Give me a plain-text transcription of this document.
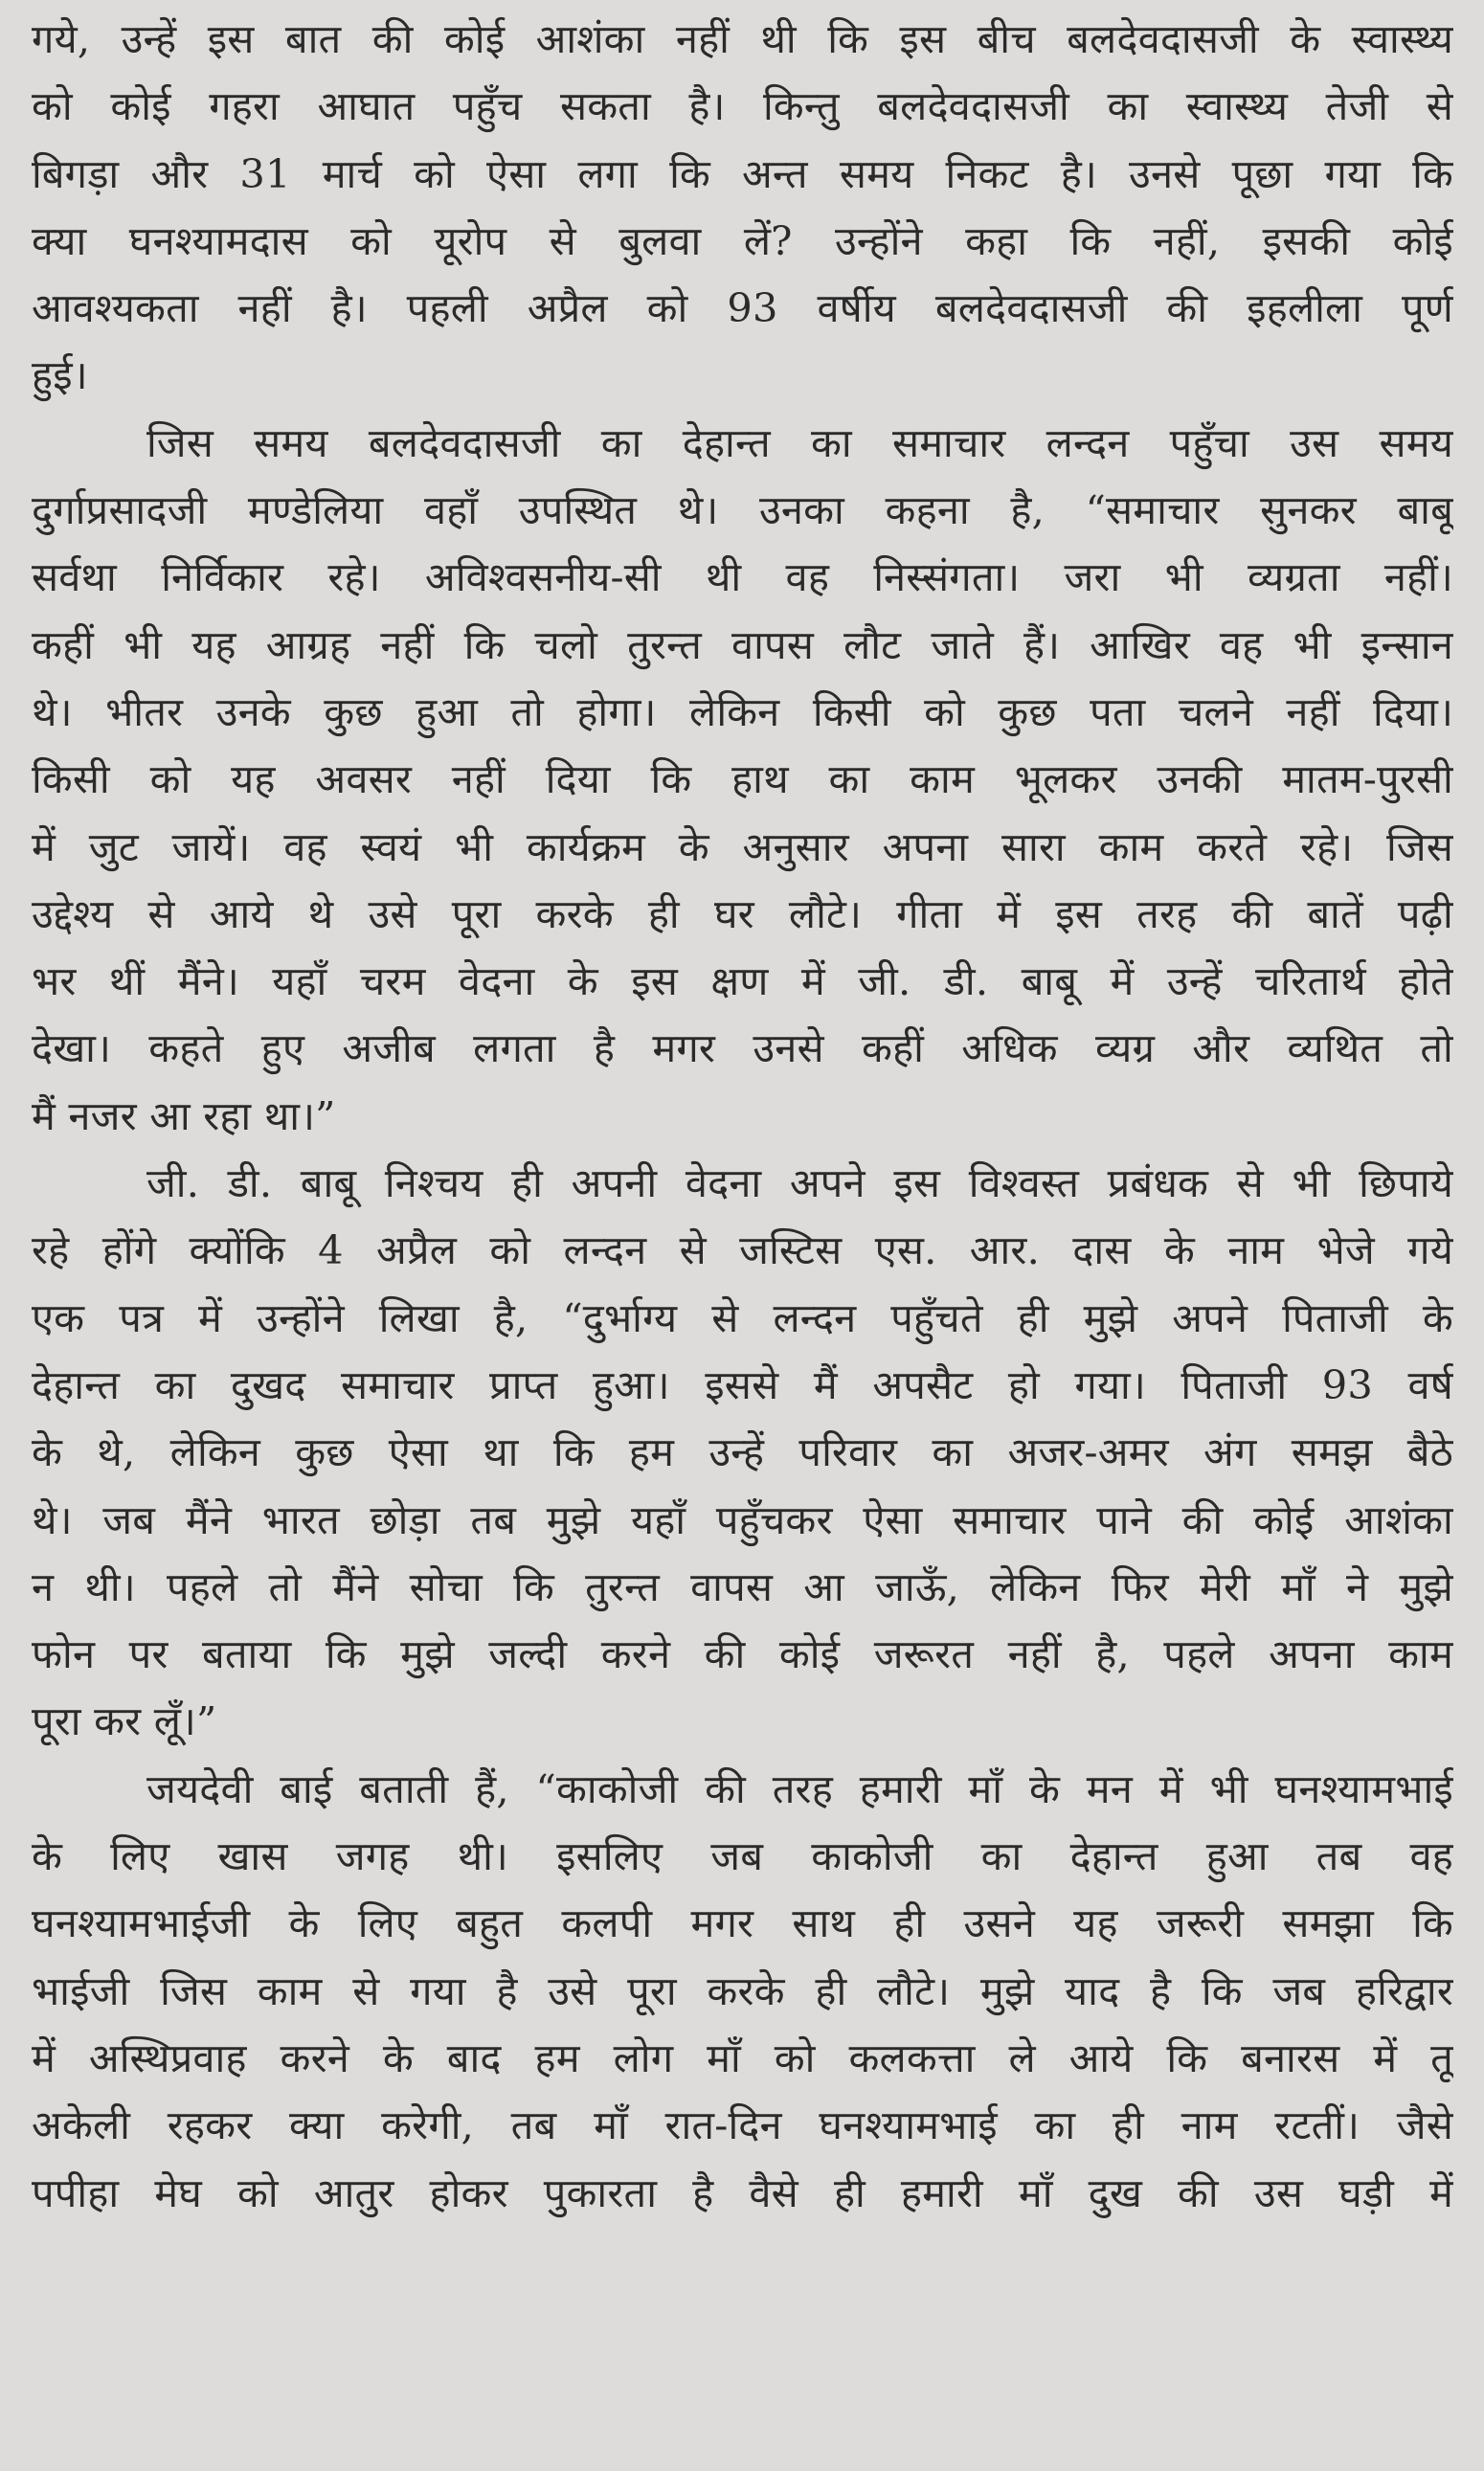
गये, उन्हें इस बात की कोई आशंका नहीं थी कि इस बीच बलदेवदासजी के स्वास्थ्य
को कोई गहरा आघात पहुँच सकता है। किन्तु बलदेवदासजी का स्वास्थ्य तेजी से
बिगड़ा और 31 मार्च को ऐसा लगा कि अन्त समय निकट है। उनसे पूछा गया कि
क्या घनश्यामदास को यूरोप से बुलवा लें? उन्होंने कहा कि नहीं, इसकी कोई
आवश्यकता नहीं है। पहली अप्रैल को 93 वर्षीय बलदेवदासजी की इहलीला पूर्ण
हुई।
जिस समय बलदेवदासजी का देहान्त का समाचार लन्दन पहुँचा उस समय
दुर्गाप्रसादजी मण्डेलिया वहाँ उपस्थित थे। उनका कहना है, “समाचार सुनकर बाबू
सर्वथा निर्विकार रहे। अविश्वसनीय-सी थी वह निस्संगता। जरा भी व्यग्रता नहीं।
कहीं भी यह आग्रह नहीं कि चलो तुरन्त वापस लौट जाते हैं। आखिर वह भी इन्सान
थे। भीतर उनके कुछ हुआ तो होगा। लेकिन किसी को कुछ पता चलने नहीं दिया।
किसी को यह अवसर नहीं दिया कि हाथ का काम भूलकर उनकी मातम-पुरसी
में जुट जायें। वह स्वयं भी कार्यक्रम के अनुसार अपना सारा काम करते रहे। जिस
उद्देश्य से आये थे उसे पूरा करके ही घर लौटे। गीता में इस तरह की बातें पढ़ी
भर थीं मैंने। यहाँ चरम वेदना के इस क्षण में जी. डी. बाबू में उन्हें चरितार्थ होते
देखा। कहते हुए अजीब लगता है मगर उनसे कहीं अधिक व्यग्र और व्यथित तो
मैं नजर आ रहा था।”
जी. डी. बाबू निश्चय ही अपनी वेदना अपने इस विश्वस्त प्रबंधक से भी छिपाये
रहे होंगे क्योंकि 4 अप्रैल को लन्दन से जस्टिस एस. आर. दास के नाम भेजे गये
एक पत्र में उन्होंने लिखा है, “दुर्भाग्य से लन्दन पहुँचते ही मुझे अपने पिताजी के
देहान्त का दुखद समाचार प्राप्त हुआ। इससे मैं अपसैट हो गया। पिताजी 93 वर्ष
के थे, लेकिन कुछ ऐसा था कि हम उन्हें परिवार का अजर-अमर अंग समझ बैठे
थे। जब मैंने भारत छोड़ा तब मुझे यहाँ पहुँचकर ऐसा समाचार पाने की कोई आशंका
न थी। पहले तो मैंने सोचा कि तुरन्त वापस आ जाऊँ, लेकिन फिर मेरी माँ ने मुझे
फोन पर बताया कि मुझे जल्दी करने की कोई जरूरत नहीं है, पहले अपना काम
पूरा कर लूँ।”
जयदेवी बाई बताती हैं, “काकोजी की तरह हमारी माँ के मन में भी घनश्यामभाई
के लिए खास जगह थी। इसलिए जब काकोजी का देहान्त हुआ तब वह
घनश्यामभाईजी के लिए बहुत कलपी मगर साथ ही उसने यह जरूरी समझा कि
भाईजी जिस काम से गया है उसे पूरा करके ही लौटे। मुझे याद है कि जब हरिद्वार
में अस्थिप्रवाह करने के बाद हम लोग माँ को कलकत्ता ले आये कि बनारस में तू
अकेली रहकर क्या करेगी, तब माँ रात-दिन घनश्यामभाई का ही नाम रटतीं। जैसे
पपीहा मेघ को आतुर होकर पुकारता है वैसे ही हमारी माँ दुख की उस घड़ी में
